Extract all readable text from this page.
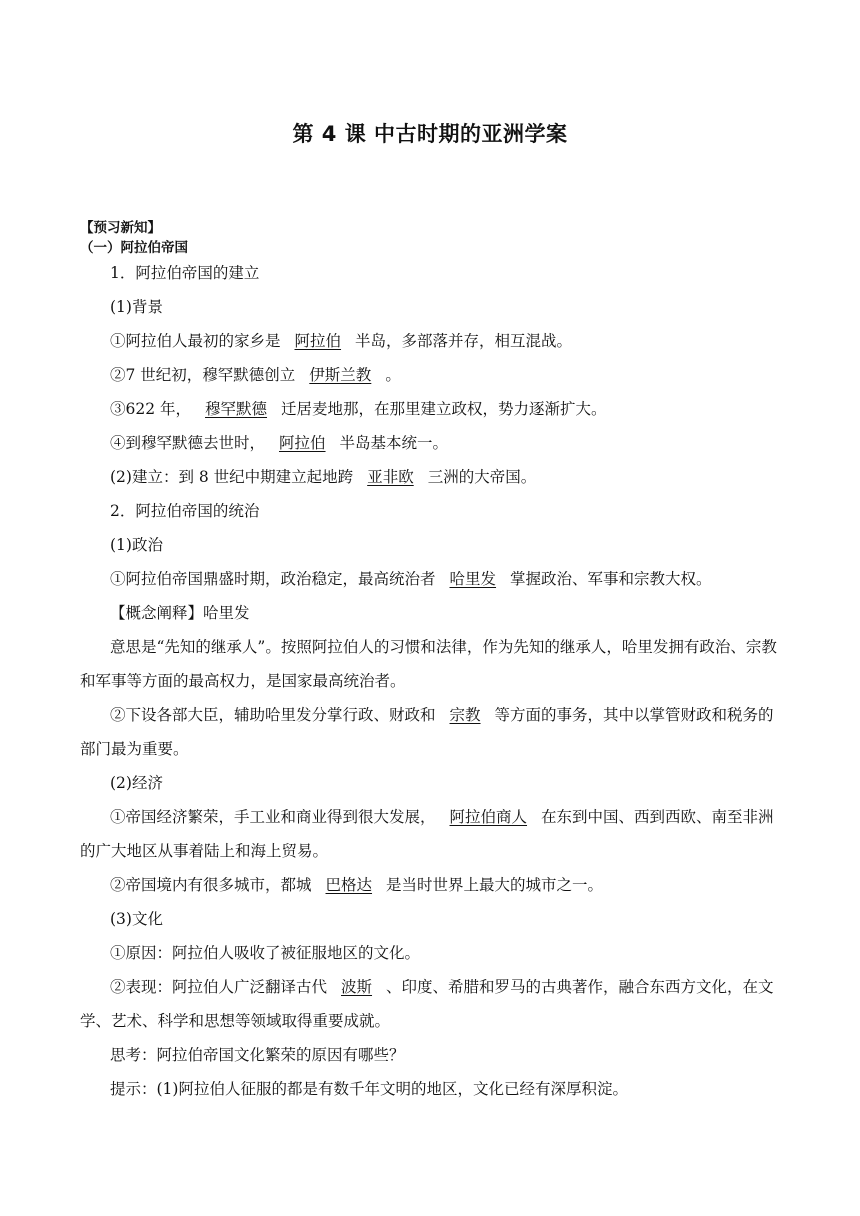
第 4 课 中古时期的亚洲学案
【预习新知】
（一）阿拉伯帝国

1．阿拉伯帝国的建立

(1)背景

①阿拉伯人最初的家乡是 阿拉伯 半岛，多部落并存，相互混战。

②7 世纪初，穆罕默德创立 伊斯兰教 。

③622 年， 穆罕默德 迁居麦地那，在那里建立政权，势力逐渐扩大。

④到穆罕默德去世时， 阿拉伯 半岛基本统一。

(2)建立：到 8 世纪中期建立起地跨 亚非欧 三洲的大帝国。

2．阿拉伯帝国的统治

(1)政治

①阿拉伯帝国鼎盛时期，政治稳定，最高统治者 哈里发 掌握政治、军事和宗教大权。

【概念阐释】哈里发

意思是“先知的继承人”。按照阿拉伯人的习惯和法律，作为先知的继承人，哈里发拥有政治、宗教和军事等方面的最高权力，是国家最高统治者。

②下设各部大臣，辅助哈里发分掌行政、财政和 宗教 等方面的事务，其中以掌管财政和税务的部门最为重要。

(2)经济

①帝国经济繁荣，手工业和商业得到很大发展， 阿拉伯商人 在东到中国、西到西欧、南至非洲的广大地区从事着陆上和海上贸易。

②帝国境内有很多城市，都城 巴格达 是当时世界上最大的城市之一。

(3)文化

①原因：阿拉伯人吸收了被征服地区的文化。

②表现：阿拉伯人广泛翻译古代 波斯 、印度、希腊和罗马的古典著作，融合东西方文化，在文学、艺术、科学和思想等领域取得重要成就。

思考：阿拉伯帝国文化繁荣的原因有哪些？

提示：(1)阿拉伯人征服的都是有数千年文明的地区，文化已经有深厚积淀。
